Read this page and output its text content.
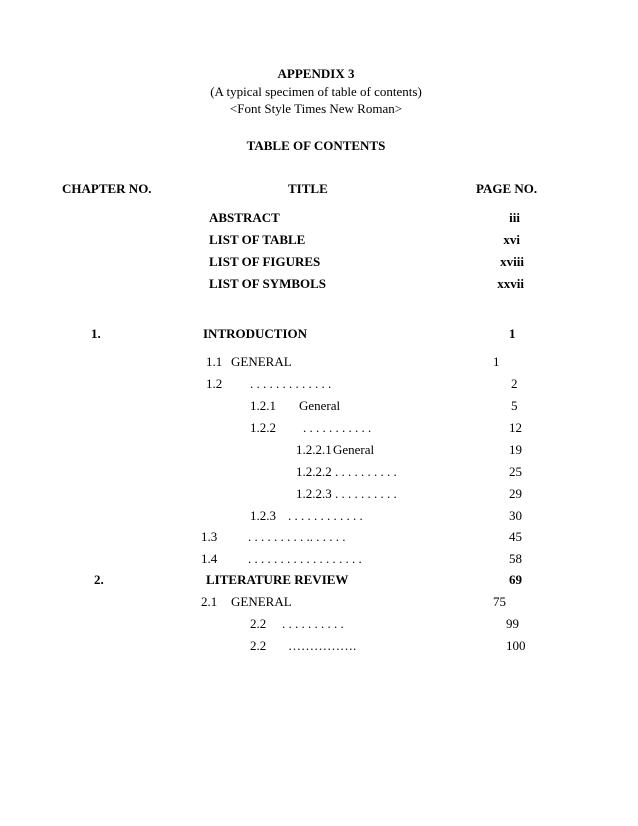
APPENDIX 3
(A typical specimen of table of contents)
<Font Style Times New Roman>
TABLE OF CONTENTS
CHAPTER NO.	TITLE	PAGE NO.
ABSTRACT	iii
LIST OF TABLE	xvi
LIST OF FIGURES	xviii
LIST OF SYMBOLS	xxvii
1.	INTRODUCTION	1
1.1 GENERAL	1
1.2 . . . . . . . . . . . . .	2
1.2.1 General	5
1.2.2 . . . . . . . . . . .	12
1.2.2.1 General	19
1.2.2.2 . . . . . . . . . .	25
1.2.2.3 . . . . . . . . . .	29
1.2.3 . . . . . . . . . . . .	30
1.3 . . . . . . . . . .. . . . . .	45
1.4 . . . . . . . . . . . . . . . . . .	58
2.	LITERATURE REVIEW	69
2.1 GENERAL	75
2.2 . . . . . . . . . .	99
2.2 …………….	100
